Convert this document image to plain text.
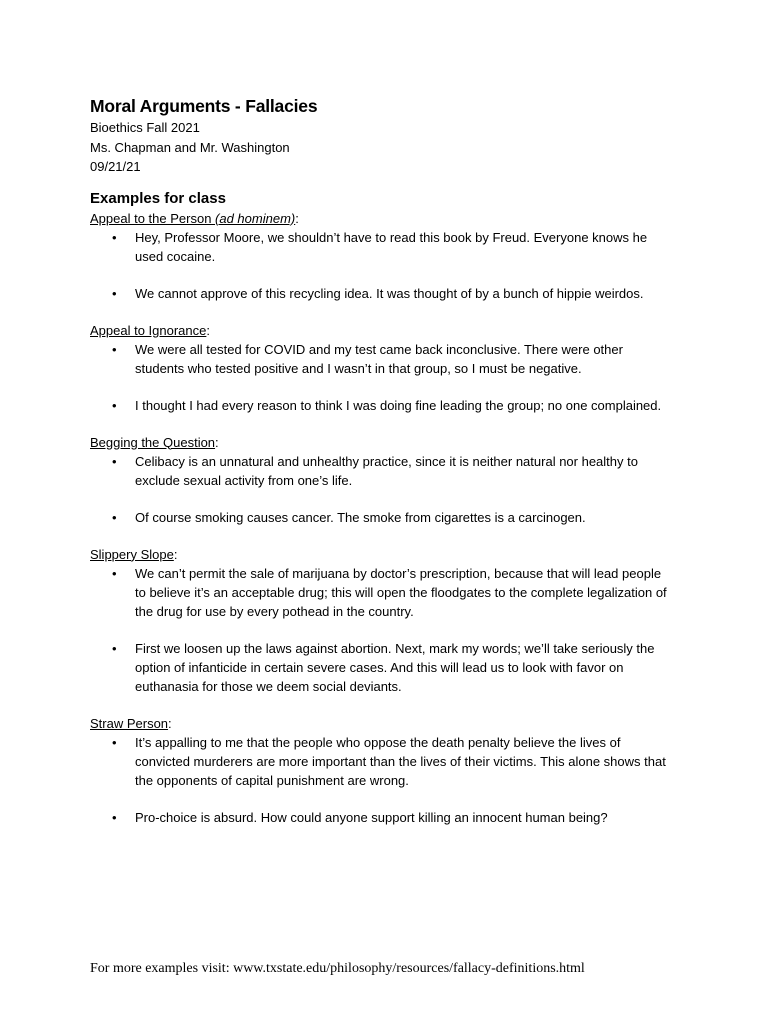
Moral Arguments - Fallacies
Bioethics Fall 2021
Ms. Chapman and Mr. Washington
09/21/21
Examples for class
Appeal to the Person (ad hominem):
• Hey, Professor Moore, we shouldn’t have to read this book by Freud. Everyone knows he used cocaine.
• We cannot approve of this recycling idea. It was thought of by a bunch of hippie weirdos.
Appeal to Ignorance:
• We were all tested for COVID and my test came back inconclusive. There were other students who tested positive and I wasn’t in that group, so I must be negative.
• I thought I had every reason to think I was doing fine leading the group; no one complained.
Begging the Question:
• Celibacy is an unnatural and unhealthy practice, since it is neither natural nor healthy to exclude sexual activity from one’s life.
• Of course smoking causes cancer. The smoke from cigarettes is a carcinogen.
Slippery Slope:
• We can’t permit the sale of marijuana by doctor’s prescription, because that will lead people to believe it’s an acceptable drug; this will open the floodgates to the complete legalization of the drug for use by every pothead in the country.
• First we loosen up the laws against abortion. Next, mark my words; we’ll take seriously the option of infanticide in certain severe cases. And this will lead us to look with favor on euthanasia for those we deem social deviants.
Straw Person:
• It’s appalling to me that the people who oppose the death penalty believe the lives of convicted murderers are more important than the lives of their victims. This alone shows that the opponents of capital punishment are wrong.
• Pro-choice is absurd. How could anyone support killing an innocent human being?
For more examples visit: www.txstate.edu/philosophy/resources/fallacy-definitions.html
